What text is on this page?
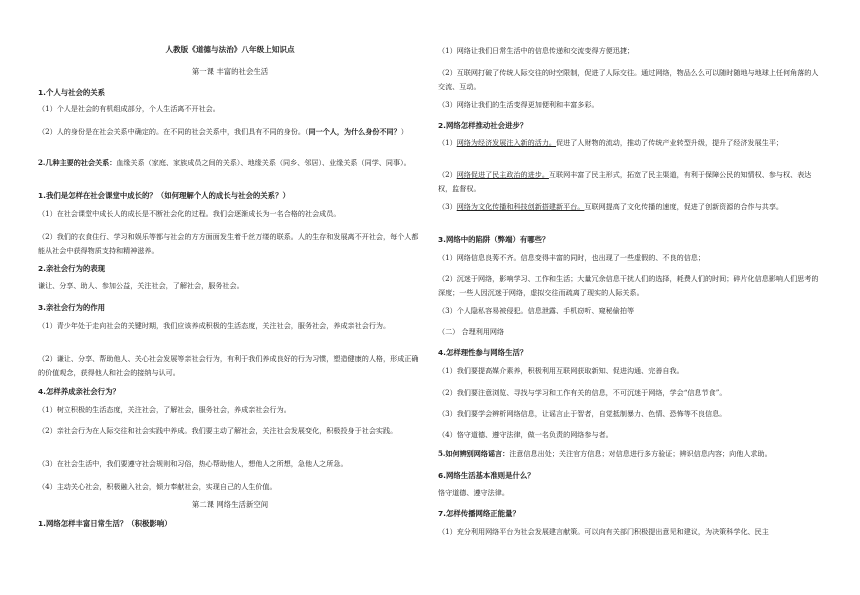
人教版《道德与法治》八年级上知识点
第一课 丰富的社会生活
1.个人与社会的关系
（1）个人是社会的有机组成部分，个人生活离不开社会。
（2）人的身份是在社会关系中确定的。在不同的社会关系中，我们具有不同的身份。（同一个人，为什么身份不同？）
2.几种主要的社会关系：血缘关系（家庭、家族成员之间的关系）、地缘关系（同乡、邻居）、业缘关系（同学、同事）。
1.我们是怎样在社会课堂中成长的？（如何理解个人的成长与社会的关系？）
（1）在社会课堂中成长人的成长是不断社会化的过程。我们会逐渐成长为一名合格的社会成员。
（2）我们的衣食住行、学习和娱乐等都与社会的方方面面发生着千丝万缕的联系。人的生存和发展离不开社会，每个人都能从社会中获得物质支持和精神滋养。
2.亲社会行为的表现
谦让、分享、助人、参加公益，关注社会，了解社会，服务社会。
3.亲社会行为的作用
（1）青少年处于走向社会的关键时期，我们应该养成积极的生活态度，关注社会，服务社会，养成亲社会行为。
（2）谦让、分享、帮助他人、关心社会发展等亲社会行为，有利于我们养成良好的行为习惯，塑造健康的人格，形成正确的价值观念，获得他人和社会的接纳与认可。
4.怎样养成亲社会行为？
（1）树立积极的生活态度，关注社会，了解社会，服务社会，养成亲社会行为。
（2）亲社会行为在人际交往和社会实践中养成。我们要主动了解社会，关注社会发展变化，积极投身于社会实践。
（3）在社会生活中，我们要遵守社会规则和习俗，热心帮助他人，想他人之所想，急他人之所急。
（4）主动关心社会，积极融入社会，倾力奉献社会，实现自己的人生价值。
第二课 网络生活新空间
1.网络怎样丰富日常生活？（积极影响）
（1）网络让我们日常生活中的信息传递和交流变得方便迅捷；
（2）互联网打破了传统人际交往的时空限制，促进了人际交往。通过网络，物品么么可以随时随地与地球上任何角落的人交流、互动。
（3）网络让我们的生活变得更加便利和丰富多彩。
2.网络怎样推动社会进步？
（1）网络为经济发展注入新的活力。促进了人财物的流动，推动了传统产业转型升级，提升了经济发展生平；
（2）网络促进了民主政治的进步。互联网丰富了民主形式，拓宽了民主渠道，有利于保障公民的知情权、参与权、表达权，监督权。
（3）网络为文化传播和科技创新搭建新平台。互联网提高了文化传播的速度，促进了创新资源的合作与共享。
3.网络中的陷阱（弊端）有哪些？
（1）网络信息良莠不齐。信息变得丰富的同时，也出现了一些虚假的、不良的信息；
（2）沉迷于网络，影响学习、工作和生活；大量冗余信息干扰人们的选择，耗费人们的时间；碎片化信息影响人们思考的深度；一些人因沉迷于网络，虚拟交往而疏离了现实的人际关系。
（3）个人隐私容易被侵犯。信息泄露、手机窃听、窥秘偷拍等
（二） 合理利用网络
4.怎样理性参与网络生活？
（1）我们要提高媒介素养，积极利用互联网获取新知、促进沟通、完善自我。
（2）我们要注意浏览、寻找与学习和工作有关的信息，不可沉迷于网络，学会“信息节食”。
（3）我们要学会辨析网络信息，让谣言止于智者，自觉抵制暴力、色情、恐怖等不良信息。
（4）恪守道德、遵守法律，做一名负责的网络参与者。
5.如何辨别网络谣言：注意信息出处；关注官方信息；对信息进行多方验证；辨识信息内容；向他人求助。
6.网络生活基本准则是什么？
恪守道德、遵守法律。
7.怎样传播网络正能量？
（1）充分利用网络平台为社会发展建言献策。可以向有关部门积极提出意见和建议，为决策科学化、民主
